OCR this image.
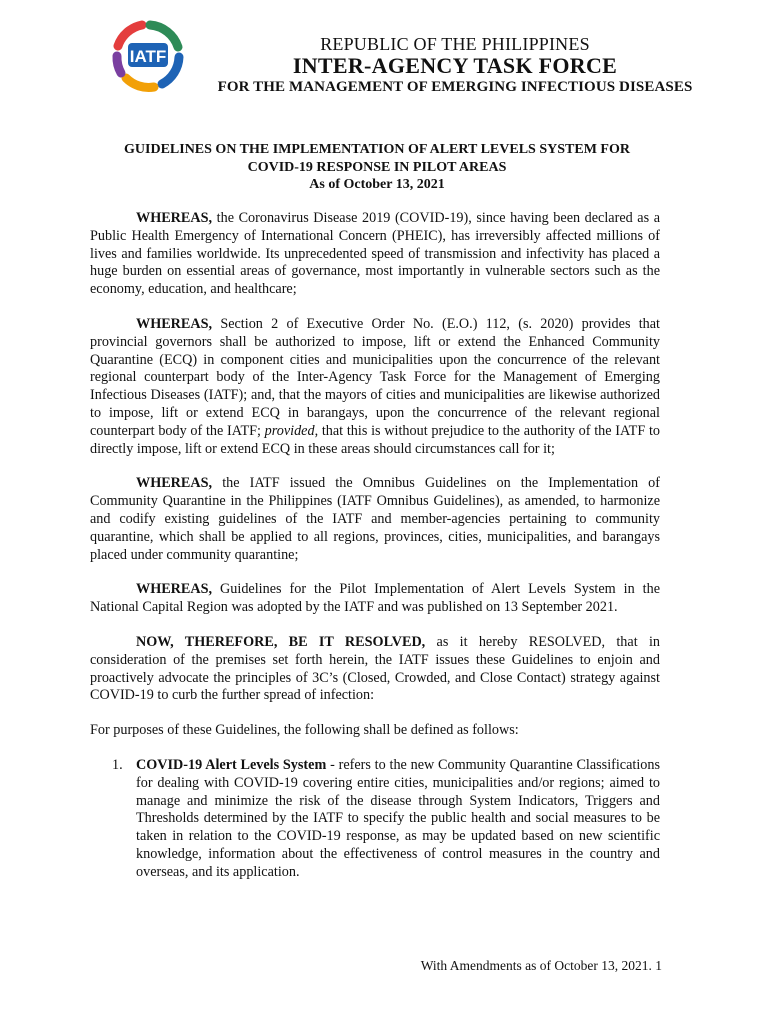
IATF
REPUBLIC OF THE PHILIPPINES
INTER-AGENCY TASK FORCE
FOR THE MANAGEMENT OF EMERGING INFECTIOUS DISEASES
GUIDELINES ON THE IMPLEMENTATION OF ALERT LEVELS SYSTEM FOR
COVID-19 RESPONSE IN PILOT AREAS
As of October 13, 2021

WHEREAS, the Coronavirus Disease 2019 (COVID-19), since having been declared as a Public Health Emergency of International Concern (PHEIC), has irreversibly affected millions of lives and families worldwide. Its unprecedented speed of transmission and infectivity has placed a huge burden on essential areas of governance, most importantly in vulnerable sectors such as the economy, education, and healthcare;

WHEREAS, Section 2 of Executive Order No. (E.O.) 112, (s. 2020) provides that provincial governors shall be authorized to impose, lift or extend the Enhanced Community Quarantine (ECQ) in component cities and municipalities upon the concurrence of the relevant regional counterpart body of the Inter-Agency Task Force for the Management of Emerging Infectious Diseases (IATF); and, that the mayors of cities and municipalities are likewise authorized to impose, lift or extend ECQ in barangays, upon the concurrence of the relevant regional counterpart body of the IATF; provided, that this is without prejudice to the authority of the IATF to directly impose, lift or extend ECQ in these areas should circumstances call for it;

WHEREAS, the IATF issued the Omnibus Guidelines on the Implementation of Community Quarantine in the Philippines (IATF Omnibus Guidelines), as amended, to harmonize and codify existing guidelines of the IATF and member-agencies pertaining to community quarantine, which shall be applied to all regions, provinces, cities, municipalities, and barangays placed under community quarantine;

WHEREAS, Guidelines for the Pilot Implementation of Alert Levels System in the National Capital Region was adopted by the IATF and was published on 13 September 2021.

NOW, THEREFORE, BE IT RESOLVED, as it hereby RESOLVED, that in consideration of the premises set forth herein, the IATF issues these Guidelines to enjoin and proactively advocate the principles of 3C’s (Closed, Crowded, and Close Contact) strategy against COVID-19 to curb the further spread of infection:

For purposes of these Guidelines, the following shall be defined as follows:

1. COVID-19 Alert Levels System - refers to the new Community Quarantine Classifications for dealing with COVID-19 covering entire cities, municipalities and/or regions; aimed to manage and minimize the risk of the disease through System Indicators, Triggers and Thresholds determined by the IATF to specify the public health and social measures to be taken in relation to the COVID-19 response, as may be updated based on new scientific knowledge, information about the effectiveness of control measures in the country and overseas, and its application.
With Amendments as of October 13, 2021. 1
